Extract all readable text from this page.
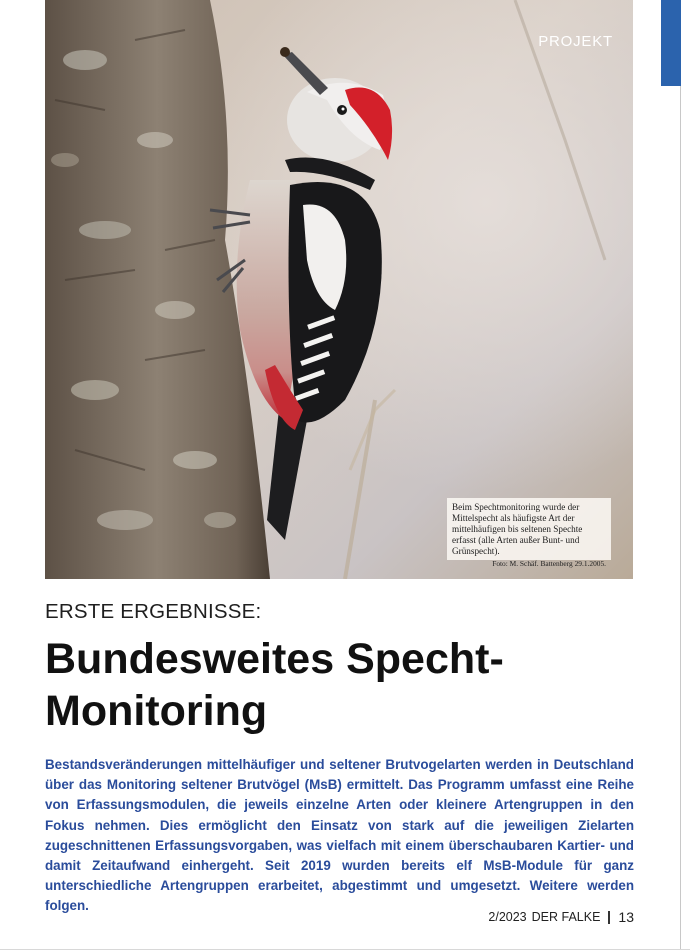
PROJEKT

Beim Spechtmonitoring wurde der Mittelspecht als häufigste Art der mittelhäufigen bis seltenen Spechte erfasst (alle Arten außer Bunt- und Grünspecht).

Foto: M. Schäf. Battenberg 29.1.2005.
ERSTE ERGEBNISSE:
Bundesweites Specht-Monitoring

Bestandsveränderungen mittelhäufiger und seltener Brutvogelarten werden in Deutschland über das Monitoring seltener Brutvögel (MsB) ermittelt. Das Programm umfasst eine Reihe von Erfassungsmodulen, die jeweils einzelne Arten oder kleinere Artengruppen in den Fokus nehmen. Dies ermöglicht den Einsatz von stark auf die jeweiligen Zielarten zugeschnittenen Erfassungsvorgaben, was vielfach mit einem überschaubaren Kartier- und damit Zeitaufwand einhergeht. Seit 2019 wurden bereits elf MsB-Module für ganz unterschiedliche Artengruppen erarbeitet, abgestimmt und umgesetzt. Weitere werden folgen.

2/2023 DER FALKE 13
